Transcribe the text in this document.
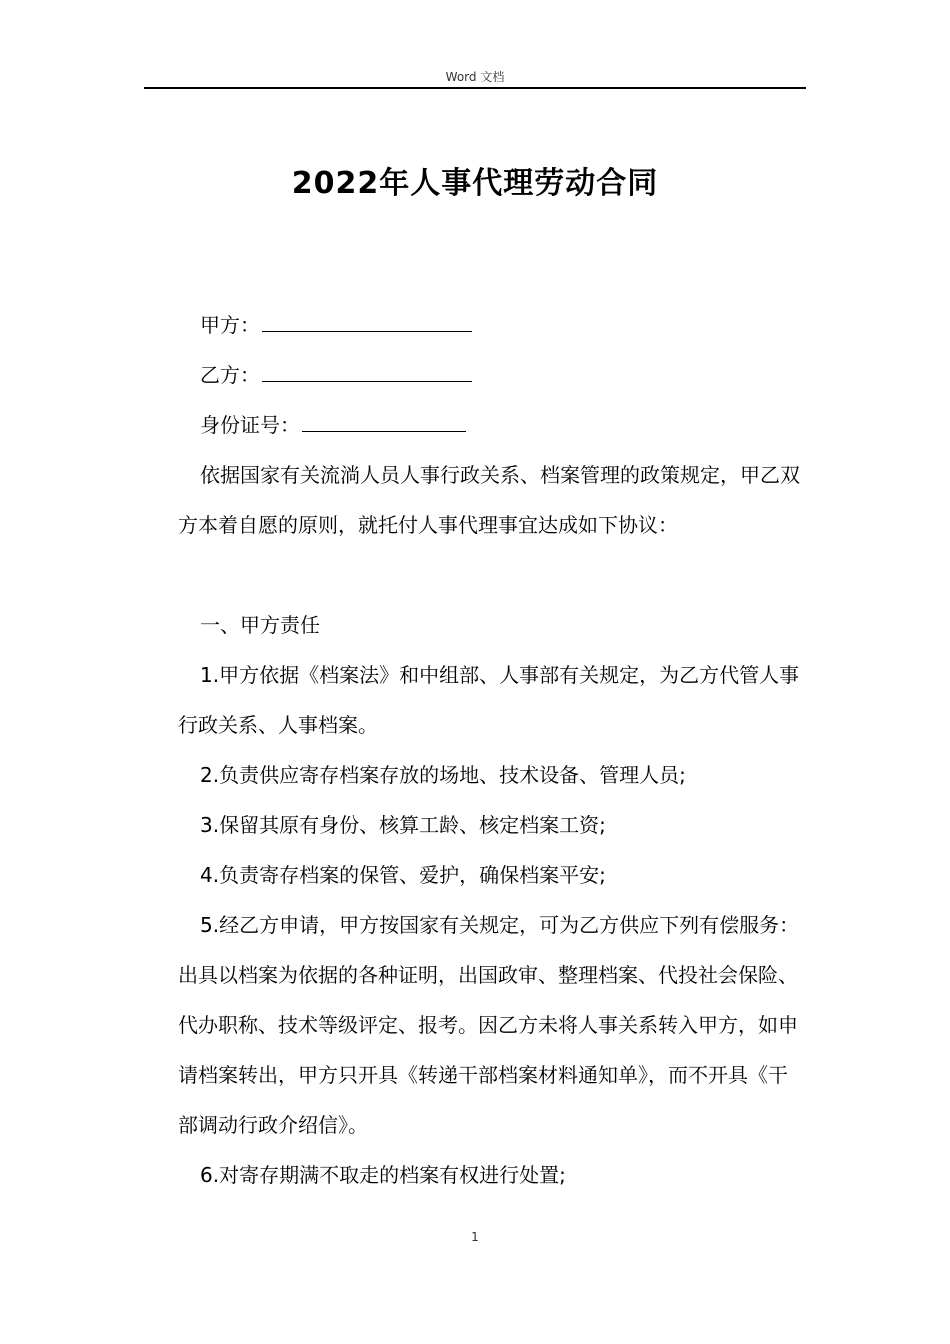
Word 文档
2022年人事代理劳动合同
甲方：
乙方：
身份证号：

依据国家有关流淌人员人事行政关系、档案管理的政策规定，甲乙双方本着自愿的原则，就托付人事代理事宜达成如下协议：

一、甲方责任

1.甲方依据《档案法》和中组部、人事部有关规定，为乙方代管人事行政关系、人事档案。

2.负责供应寄存档案存放的场地、技术设备、管理人员;

3.保留其原有身份、核算工龄、核定档案工资;

4.负责寄存档案的保管、爱护，确保档案平安;

5.经乙方申请，甲方按国家有关规定，可为乙方供应下列有偿服务：出具以档案为依据的各种证明，出国政审、整理档案、代投社会保险、代办职称、技术等级评定、报考。因乙方未将人事关系转入甲方，如申请档案转出，甲方只开具《转递干部档案材料通知单》，而不开具《干部调动行政介绍信》。

6.对寄存期满不取走的档案有权进行处置;

1
